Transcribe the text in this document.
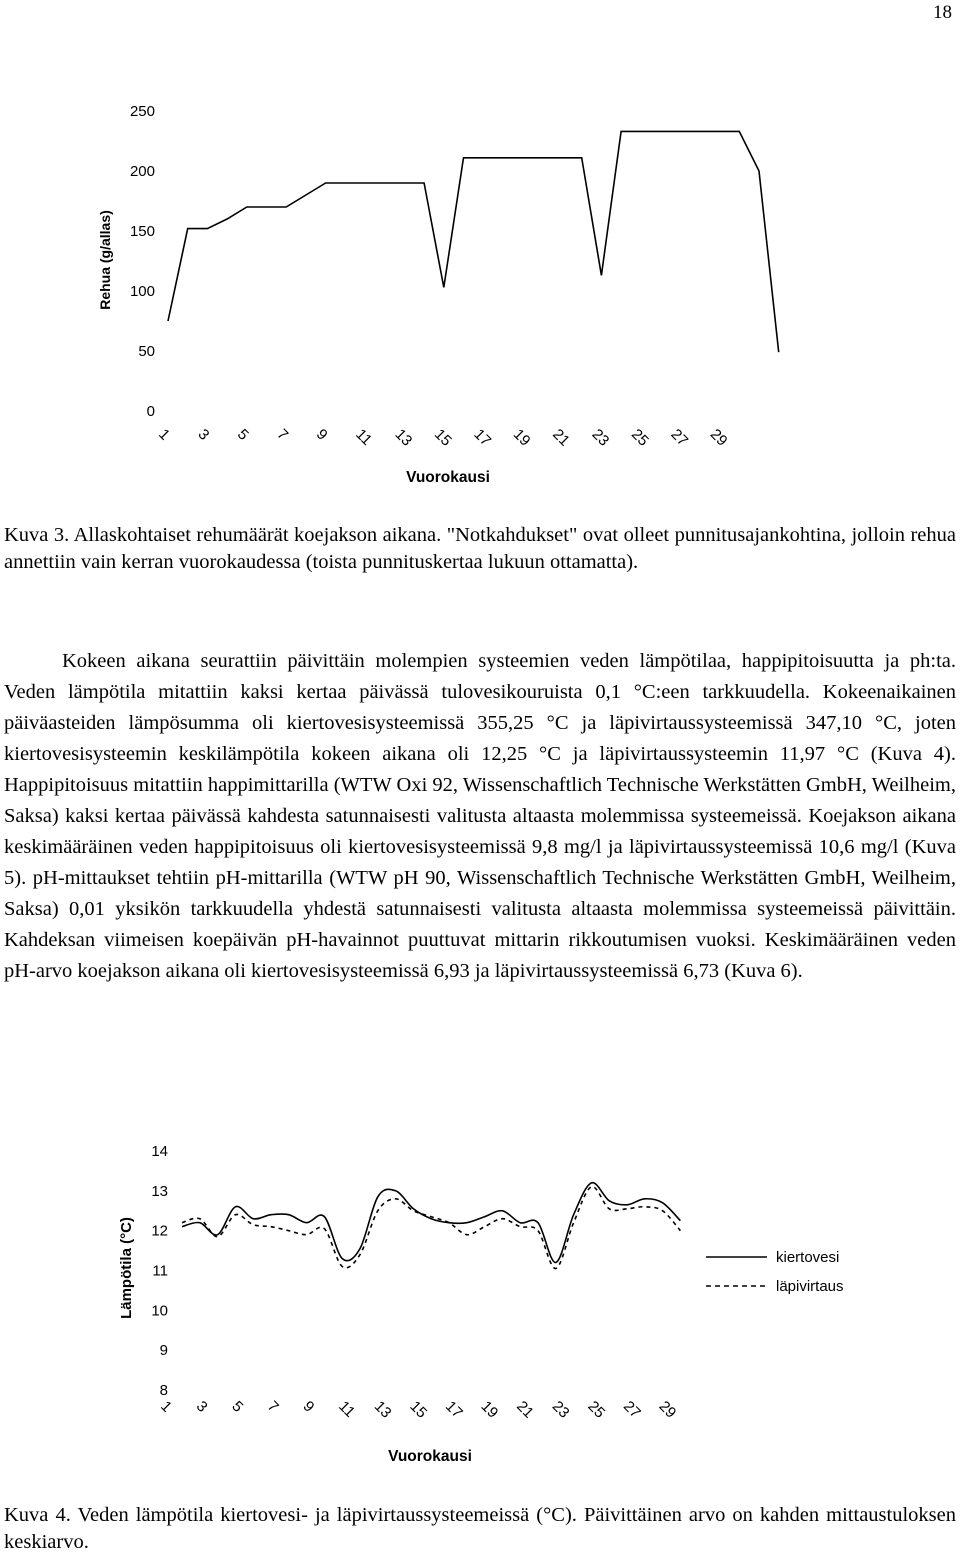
18
0
50
100
150
200
250
1 3 5 7 9 11 13 15 17 19 21 23 25 27 29
Rehua (g/allas)
Vuorokausi

Kuva 3. Allaskohtaiset rehumäärät koejakson aikana. "Notkahdukset" ovat olleet punnitusajankohtina, jolloin rehua annettiin vain kerran vuorokaudessa (toista punnituskertaa lukuun ottamatta).

Kokeen aikana seurattiin päivittäin molempien systeemien veden lämpötilaa, happipitoisuutta ja ph:ta. Veden lämpötila mitattiin kaksi kertaa päivässä tulovesikouruista 0,1 °C:een tarkkuudella. Kokeenaikainen päiväasteiden lämpösumma oli kiertovesisysteemissä 355,25 °C ja läpivirtaussysteemissä 347,10 °C, joten kiertovesisysteemin keskilämpötila kokeen aikana oli 12,25 °C ja läpivirtaussysteemin 11,97 °C (Kuva 4). Happipitoisuus mitattiin happimittarilla (WTW Oxi 92, Wissenschaftlich Technische Werkstätten GmbH, Weilheim, Saksa) kaksi kertaa päivässä kahdesta satunnaisesti valitusta altaasta molemmissa systeemeissä. Koejakson aikana keskimääräinen veden happipitoisuus oli kiertovesisysteemissä 9,8 mg/l ja läpivirtaussysteemissä 10,6 mg/l (Kuva 5). pH-mittaukset tehtiin pH-mittarilla (WTW pH 90, Wissenschaftlich Technische Werkstätten GmbH, Weilheim, Saksa) 0,01 yksikön tarkkuudella yhdestä satunnaisesti valitusta altaasta molemmissa systeemeissä päivittäin. Kahdeksan viimeisen koepäivän pH-havainnot puuttuvat mittarin rikkoutumisen vuoksi. Keskimääräinen veden pH-arvo koejakson aikana oli kiertovesisysteemissä 6,93 ja läpivirtaussysteemissä 6,73 (Kuva 6).

8
9
10
11
12
13
14
1 3 5 7 9 11 13 15 17 19 21 23 25 27 29
Lämpötila (°C)
Vuorokausi
kiertovesi
läpivirtaus

Kuva 4. Veden lämpötila kiertovesi- ja läpivirtaussysteemeissä (°C). Päivittäinen arvo on kahden mittaustuloksen keskiarvo.
